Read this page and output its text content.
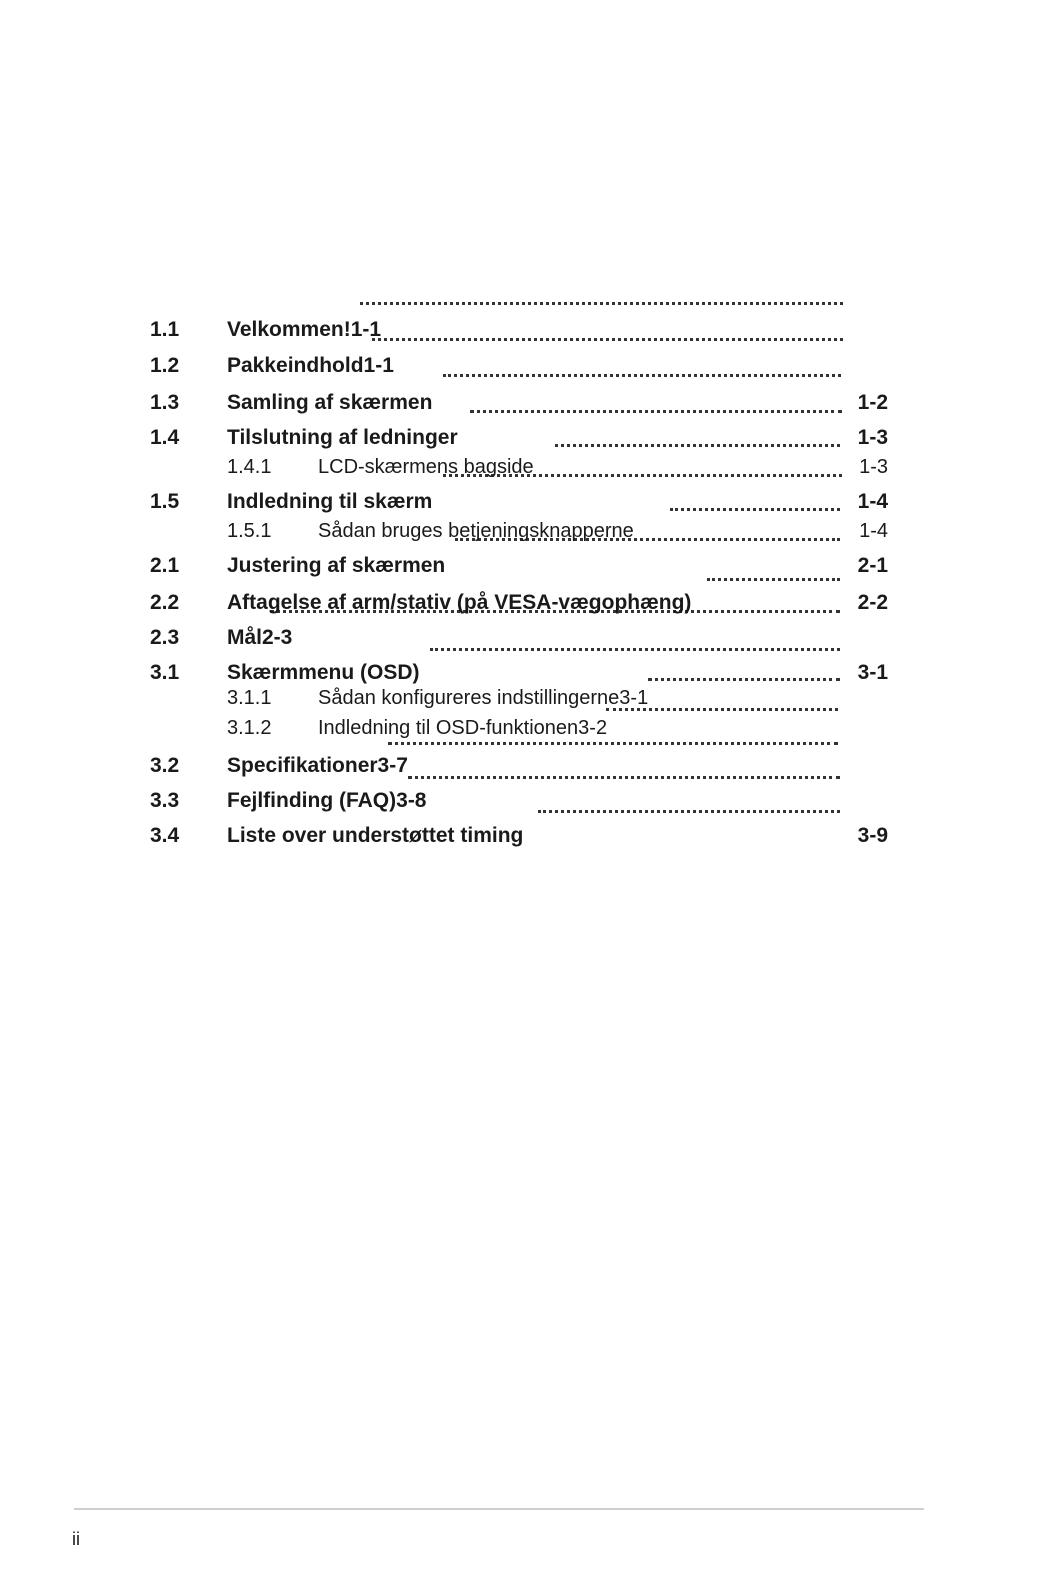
1.1 Velkommen!1-1
1.2 Pakkeindhold1-1
1.3 Samling af skærmen	1-2
1.4 Tilslutning af ledninger	1-3
1.4.1 LCD-skærmens bagside	1-3
1.5 Indledning til skærm	1-4
1.5.1 Sådan bruges betjeningsknapperne	1-4
2.1 Justering af skærmen	2-1
2.2 Aftagelse af arm/stativ (på VESA-vægophæng)	2-2
2.3 Mål2-3
3.1 Skærmmenu (OSD)	3-1
3.1.1 Sådan konfigureres indstillingerne3-1
3.1.2 Indledning til OSD-funktionen3-2
3.2 Specifikationer3-7
3.3 Fejlfinding (FAQ)3-8
3.4 Liste over understøttet timing	3-9
ii
